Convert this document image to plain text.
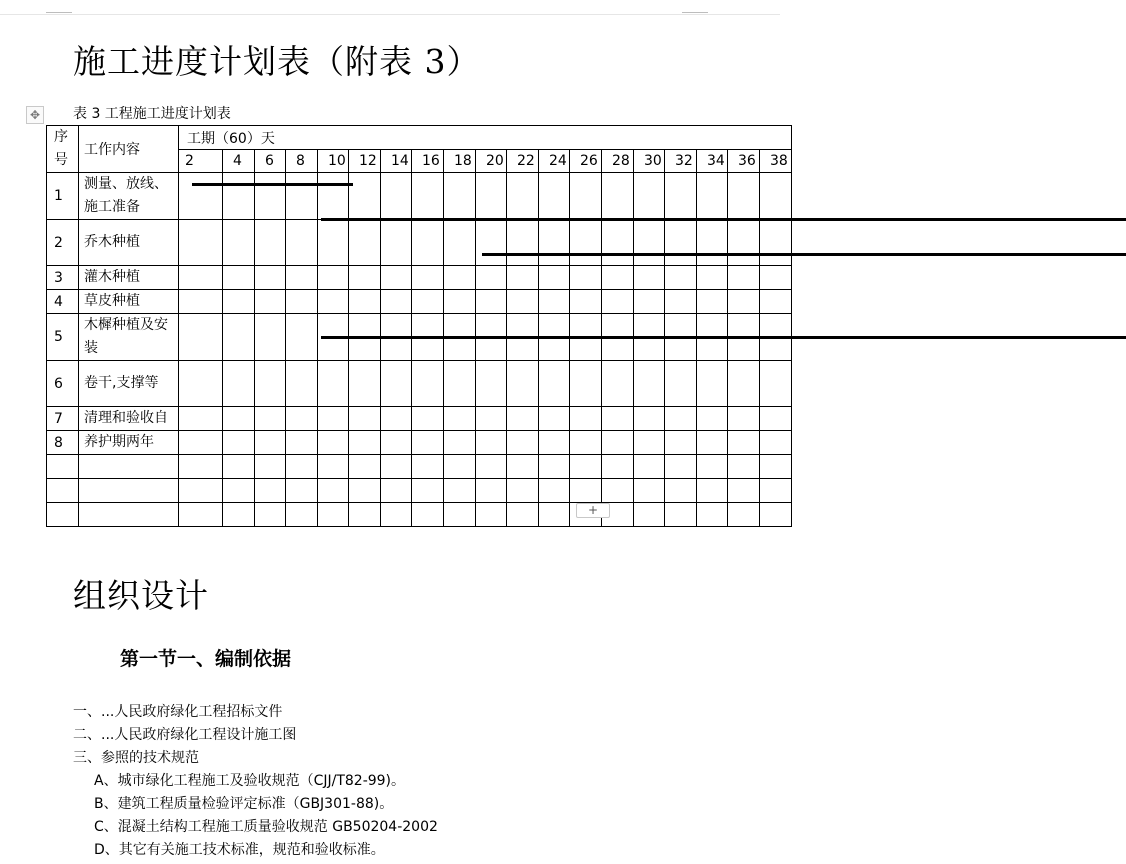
施工进度计划表（附表 3）
✥ 表 3 工程施工进度计划表
序号	工作内容	工期（60）天																		
		2	4	6	8	10	12	14	16	18	20	22	24	26	28	30	32	34	36	38
1	测量、放线、施工准备																			
2	乔木种植																			
3	灌木种植																			
4	草皮种植																			
5	木樨种植及安装																			
6	卷干,支撑等																			
7	清理和验收自																			
8	养护期两年																			

+
组织设计
第一节一、编制依据
一、...人民政府绿化工程招标文件
二、...人民政府绿化工程设计施工图
三、参照的技术规范
A、城市绿化工程施工及验收规范（CJJ/T82-99)。
B、建筑工程质量检验评定标准（GBJ301-88)。
C、混凝土结构工程施工质量验收规范 GB50204-2002
D、其它有关施工技术标准，规范和验收标准。
